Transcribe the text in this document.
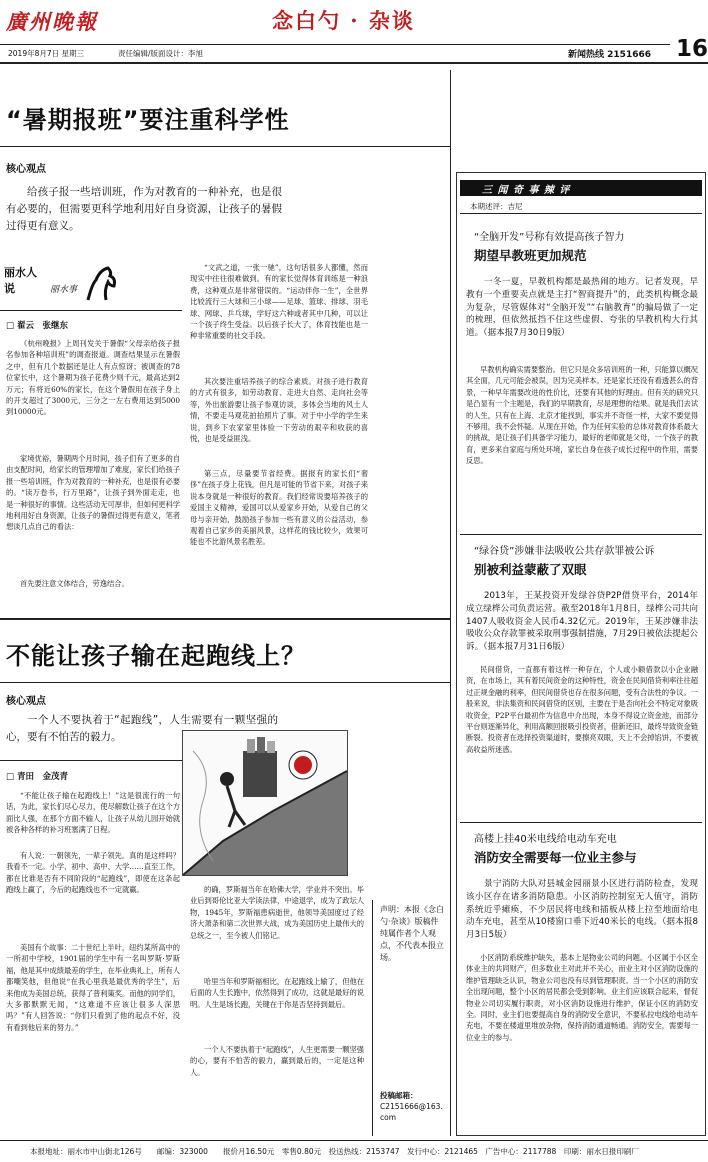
廣州晚報	念白勺 · 杂谈
16
2019年8月7日 星期三	责任编辑/版面设计：李旭	新闻热线 2151666
“暑期报班”要注重科学性
核心观点

给孩子报一些培训班，作为对教育的一种补充，也是很有必要的，但需要更科学地利用好自身资源，让孩子的暑假过得更有意义。

丽水人说	丽水事
□ 翟云　张继东

《杭州晚报》上周刊发关于暑假“父母亲给孩子报名参加各种培训班”的调查报道。调查结果显示在暑假之中，但有几个数据还是让人有点惊讶；被调查的78位家长中，这个暑期为孩子花费少则千元，最高达到2万元；有将近60%的家长，在这个暑假用在孩子身上的开支超过了3000元，三分之一左右费用达到5000到10000元。

家境优裕，暑期两个月时间，孩子们有了更多的自由支配时间，给家长的管理增加了难度，家长们给孩子报一些培训班，作为对教育的一种补充，也是很有必要的。“读万卷书，行万里路”，让孩子到外面走走，也是一种很好的事情。这些活动无可厚非，但如何更科学地利用好自身资源，让孩子的暑假过得更有意义，笔者想谈几点自己的看法：

首先要注意文体结合，劳逸结合。

“文武之道，一张一驰”，这句话很多人都懂，然而现实中往往很难做到。有的家长觉得体育训练是一种浪费，这种观点是非常错误的。“运动伴你一生”，全世界比较流行三大球和三小球——足球、篮球、排球、羽毛球、网球、乒乓球，学好这六种或者其中几种，可以让一个孩子终生受益。以后孩子长大了，体育技能也是一种非常重要的社交手段。

其次要注重培养孩子的综合素质。对孩子进行教育的方式有很多，如劳动教育、走进大自然、走向社会等等，外出旅游要让孩子参观访谈，多体会当地的风土人情，不要走马观花拍拍照片了事。对于中小学的学生来说，到乡下农家家里体验一下劳动的艰辛和收获的喜悦，也是受益匪浅。

第三点，尽量要节省经费。据报有的家长们“奢侈”在孩子身上花钱，但凡是可能的节省下来，对孩子来说本身就是一种很好的教育。我们经常说要培养孩子的爱国主义精神，爱国可以从爱家乡开始，从爱自己的父母与亲开始，鼓励孩子参加一些有意义的公益活动，参观着自己家乡的美丽风景，这样花的钱比较少，效果可能也不比游风景名胜差。

不能让孩子输在起跑线上？
核心观点

一个人不要执着于“起跑线”，人生需要有一颗坚强的心，要有不怕苦的毅力。

□ 青田　金茂青

“不能让孩子输在起跑线上！”这是很流行的一句话，为此，家长们尽心尽力，使尽解数让孩子在这个方面比人强，在那个方面不输人，让孩子从幼儿园开始就被各种各样的补习班塞满了日程。

有人说：一朝领先，一辈子领先。真的是这样吗？我看不一定。小学、初中、高中、大学……直至工作，都在比谁是否有不同阶段的“起跑线”，即使在这条起跑线上赢了，今后的起跑线也不一定就赢。

美国有个故事：二十世纪上半叶，纽约某所高中的一所初中学校，1901届的学生中有一名叫罗斯·罗斯福，他是其中成绩最差的学生，在毕业典礼上，所有人都嘲笑他，但他说“在我心里我是最优秀的学生”，后来他成为美国总统，获得了普利策奖。而他的同学们，大多都默默无闻，“这难道不应该让很多人深思吗？”有人回答说：“你们只看到了他的起点不好，没有看到他后来的努力。”

的确，罗斯福当年在哈佛大学，学业并不突出。毕业后到哥伦比亚大学读法律，中途退学，成为了政坛人物，1945年，罗斯福患病逝世，他领导美国度过了经济大萧条和第二次世界大战，成为美国历史上最伟大的总统之一，至今被人们铭记。

哈里当年和罗斯福相比，在起跑线上输了，但他在后面的人生长跑中，依然得到了成功，这就是最好的说明。人生是场长跑，关键在于你是否坚持到最后。

一个人不要执着于“起跑线”，人生更需要一颗坚强的心，要有不怕苦的毅力，赢到最后的，一定是这种人。

声明：本报《念白勺·杂谈》版稿件纯属作者个人观点，不代表本报立场。
投稿邮箱：
C2151666@163.com
三 闻 奇 事 辣 评
本期述评：吉尼
“全脑开发”号称有效提高孩子智力
期望早教班更加规范

一冬一夏，早教机构都是最热闹的地方。记者发现，早教有一个重要卖点就是主打“智商提升”的，此类机构概念最为复杂，尽管媒体对“全脑开发”“右脑教育”的骗局做了一定的梳理，但依然抵挡不住这些虚假、夸张的早教机构大行其道。（据本报7月30日9版）

早教机构确实需要整治。但它只是众多培训班的一种，只能算以概况其全面，几元可能会被误，因为完美样本。还是家长还没有看透甚么的背景，一种早年需要改进的性价比，还要有其他的好理由。但有关的研究只是凸显有一个主题是，我们的早期教育，尽是理想的结果。就是我们去试的人生，只有在上海、北京才能找到，事实并不奇怪一样，大家不要觉得不够用，我不会怀疑。从现在开始，作为任何实验的总体对教育体系最大的挑战，是让孩子们具备学习能力，最好的老师就是父母，一个孩子的教育，更多来自家庭与所处环境，家长自身在孩子成长过程中的作用，需要反思。

“绿谷贷”涉嫌非法吸收公共存款罪被公诉
别被利益蒙蔽了双眼

2013年，王某投资开发绿谷贷P2P借贷平台，2014年成立绿桦公司负责运营。截至2018年1月8日，绿桦公司共向1407人吸收资金人民币4.32亿元。2019年，王某涉嫌非法吸收公众存款罪被采取刑事强制措施，7月29日被依法提起公诉。（据本报7月31日6版）

民间借贷，一直都有着这样一种存在，个人或小额借款以小企业融资，在市场上，其有着民间资金的这种特性，资金在民间借贷利率往往超过正规金融的利率，但民间借贷也存在很多问题，受有合法性的争议。一般来说，非法集资和民间借贷的区别，主要在于是否向社会不特定对象吸收资金，P2P平台最初作为信息中介出现，本身不得设立资金池，而部分平台则逐渐异化，利用高额回报吸引投资者，借新还旧，最终导致资金链断裂。投资者在选择投资渠道时，要擦亮双眼，天上不会掉馅饼，不要被高收益所迷惑。

高楼上挂40米电线给电动车充电
消防安全需要每一位业主参与

景宁消防大队对县城金园丽景小区进行消防检查，发现该小区存在诸多消防隐患。小区消防控制室无人值守，消防系统近乎瘫痪，不少居民将电线和插板从楼上拉至地面给电动车充电，甚至从10楼窗口垂下近40米长的电线。（据本报8月3日5版）

小区消防系统维护缺失，基本上是物业公司的问题。小区属于小区全体业主的共同财产，但多数业主对此并不关心，而业主对小区消防设施的维护管理缺乏认识，物业公司也没有尽到管理职责。当一个小区的消防安全出现问题，整个小区的居民都会受到影响。业主们应该联合起来，督促物业公司切实履行职责，对小区消防设施进行维护，保证小区的消防安全。同时，业主们也要提高自身的消防安全意识，不要私拉电线给电动车充电，不要在楼道里堆放杂物，保持消防通道畅通。消防安全，需要每一位业主的参与。

本报地址：丽水市中山街北126号　　邮编：323000　　报价月16.50元　零售0.80元　投送热线：2153747　发行中心：2121465　广告中心：2117788　印刷：丽水日报印刷厂
